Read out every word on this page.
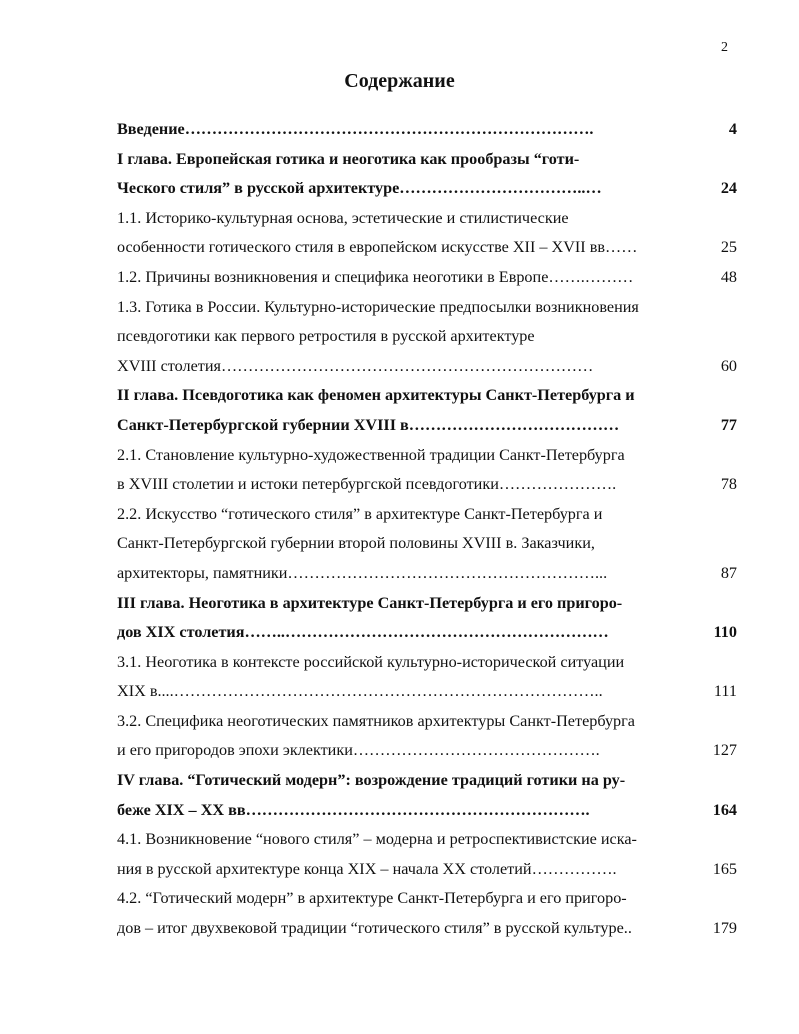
2
Содержание
Введение………………………………………………………………….	4
I глава. Европейская готика и неоготика как прообразы “готи-
Ческого стиля” в русской архитектуре……………………………..…	24
1.1. Историко-культурная основа, эстетические и стилистические
особенности готического стиля в европейском искусстве XII – XVII вв……	25
1.2. Причины возникновения и специфика неоготики в Европе…….………	48
1.3. Готика в России. Культурно-исторические предпосылки возникновения
псевдоготики как первого ретростиля в русской архитектуре
XVIII столетия……………………………………………………………	60
II глава. Псевдоготика как феномен архитектуры Санкт-Петербурга и
Санкт-Петербургской губернии XVIII в…………………………………	77
2.1. Становление культурно-художественной традиции Санкт-Петербурга
в XVIII столетии и истоки петербургской псевдоготики………………….	78
2.2. Искусство “готического стиля” в архитектуре Санкт-Петербурга и
Санкт-Петербургской губернии второй половины XVIII в. Заказчики,
архитекторы, памятники…………………………………………………...	87
III глава. Неоготика в архитектуре Санкт-Петербурга и его пригоро-
дов XIX столетия……..……………………………………………………	110
3.1. Неоготика в контексте российской культурно-исторической ситуации
XIX в....……………………………………………………………………..	111
3.2. Специфика неоготических памятников архитектуры Санкт-Петербурга
и его пригородов эпохи эклектики……………………………………….	127
IV глава. “Готический модерн”: возрождение традиций готики на ру-
беже XIX – XX вв……………………………………………………….	164
4.1. Возникновение “нового стиля” – модерна и ретроспективистские иска-
ния в русской архитектуре конца XIX – начала XX столетий…………….	165
4.2. “Готический модерн” в архитектуре Санкт-Петербурга и его пригоро-
дов – итог двухвековой традиции “готического стиля” в русской культуре..	179
